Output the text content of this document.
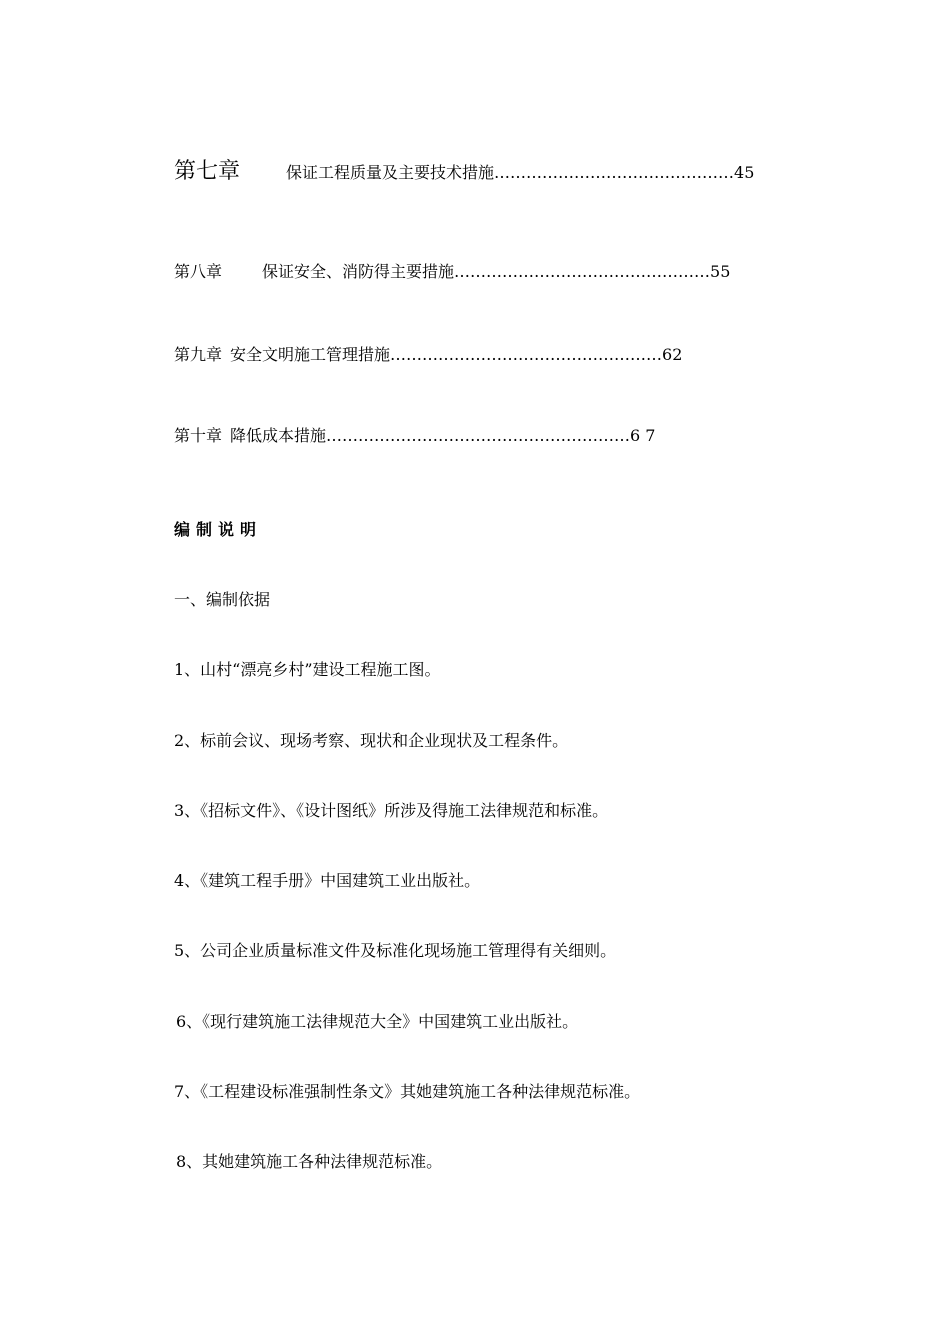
第七章	保证工程质量及主要技术措施………………………………………45
第八章	保证安全、消防得主要措施…………………………………………55
第九章 安全文明施工管理措施……………………………………………62
第十章 降低成本措施…………………………………………………6 7
编制说明
一、编制依据
1、山村“漂亮乡村”建设工程施工图。
2、标前会议、现场考察、现状和企业现状及工程条件。
3、《招标文件》、《设计图纸》所涉及得施工法律规范和标准。
4、《建筑工程手册》中国建筑工业出版社。
5、公司企业质量标准文件及标准化现场施工管理得有关细则。
6、《现行建筑施工法律规范大全》中国建筑工业出版社。
7、《工程建设标准强制性条文》其她建筑施工各种法律规范标准。
8、其她建筑施工各种法律规范标准。
